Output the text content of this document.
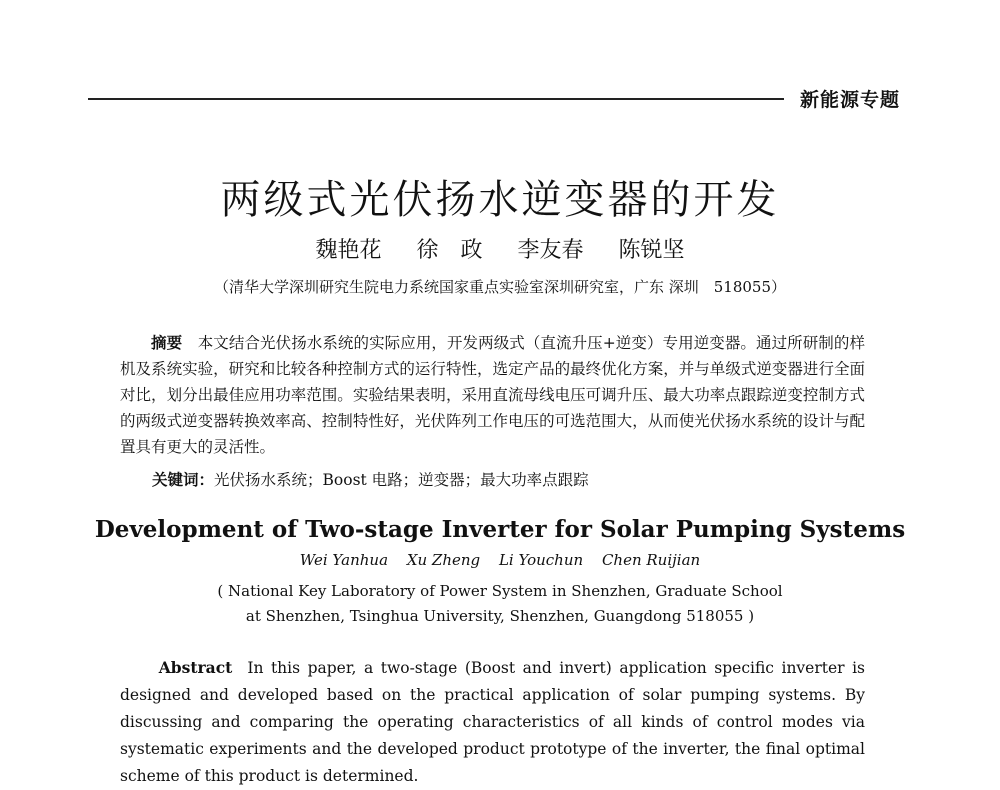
新能源专题
两级式光伏扬水逆变器的开发
魏艳花 徐　政 李友春 陈锐坚
（清华大学深圳研究生院电力系统国家重点实验室深圳研究室，广东 深圳　518055）
摘要　 本文结合光伏扬水系统的实际应用，开发两级式（直流升压+逆变）专用逆变器。通过所研制的样机及系统实验，研究和比较各种控制方式的运行特性，选定产品的最终优化方案，并与单级式逆变器进行全面对比，划分出最佳应用功率范围。实验结果表明，采用直流母线电压可调升压、最大功率点跟踪逆变控制方式的两级式逆变器转换效率高、控制特性好，光伏阵列工作电压的可选范围大，从而使光伏扬水系统的设计与配置具有更大的灵活性。
关键词：光伏扬水系统；Boost 电路；逆变器；最大功率点跟踪
Development of Two-stage Inverter for Solar Pumping Systems
Wei Yanhua Xu Zheng Li Youchun Chen Ruijian
( National Key Laboratory of Power System in Shenzhen, Graduate School
at Shenzhen, Tsinghua University, Shenzhen, Guangdong 518055 )
Abstract In this paper, a two-stage (Boost and invert) application specific inverter is designed and developed based on the practical application of solar pumping systems. By discussing and comparing the operating characteristics of all kinds of control modes via systematic experiments and the developed product prototype of the inverter, the final optimal scheme of this product is determined.
